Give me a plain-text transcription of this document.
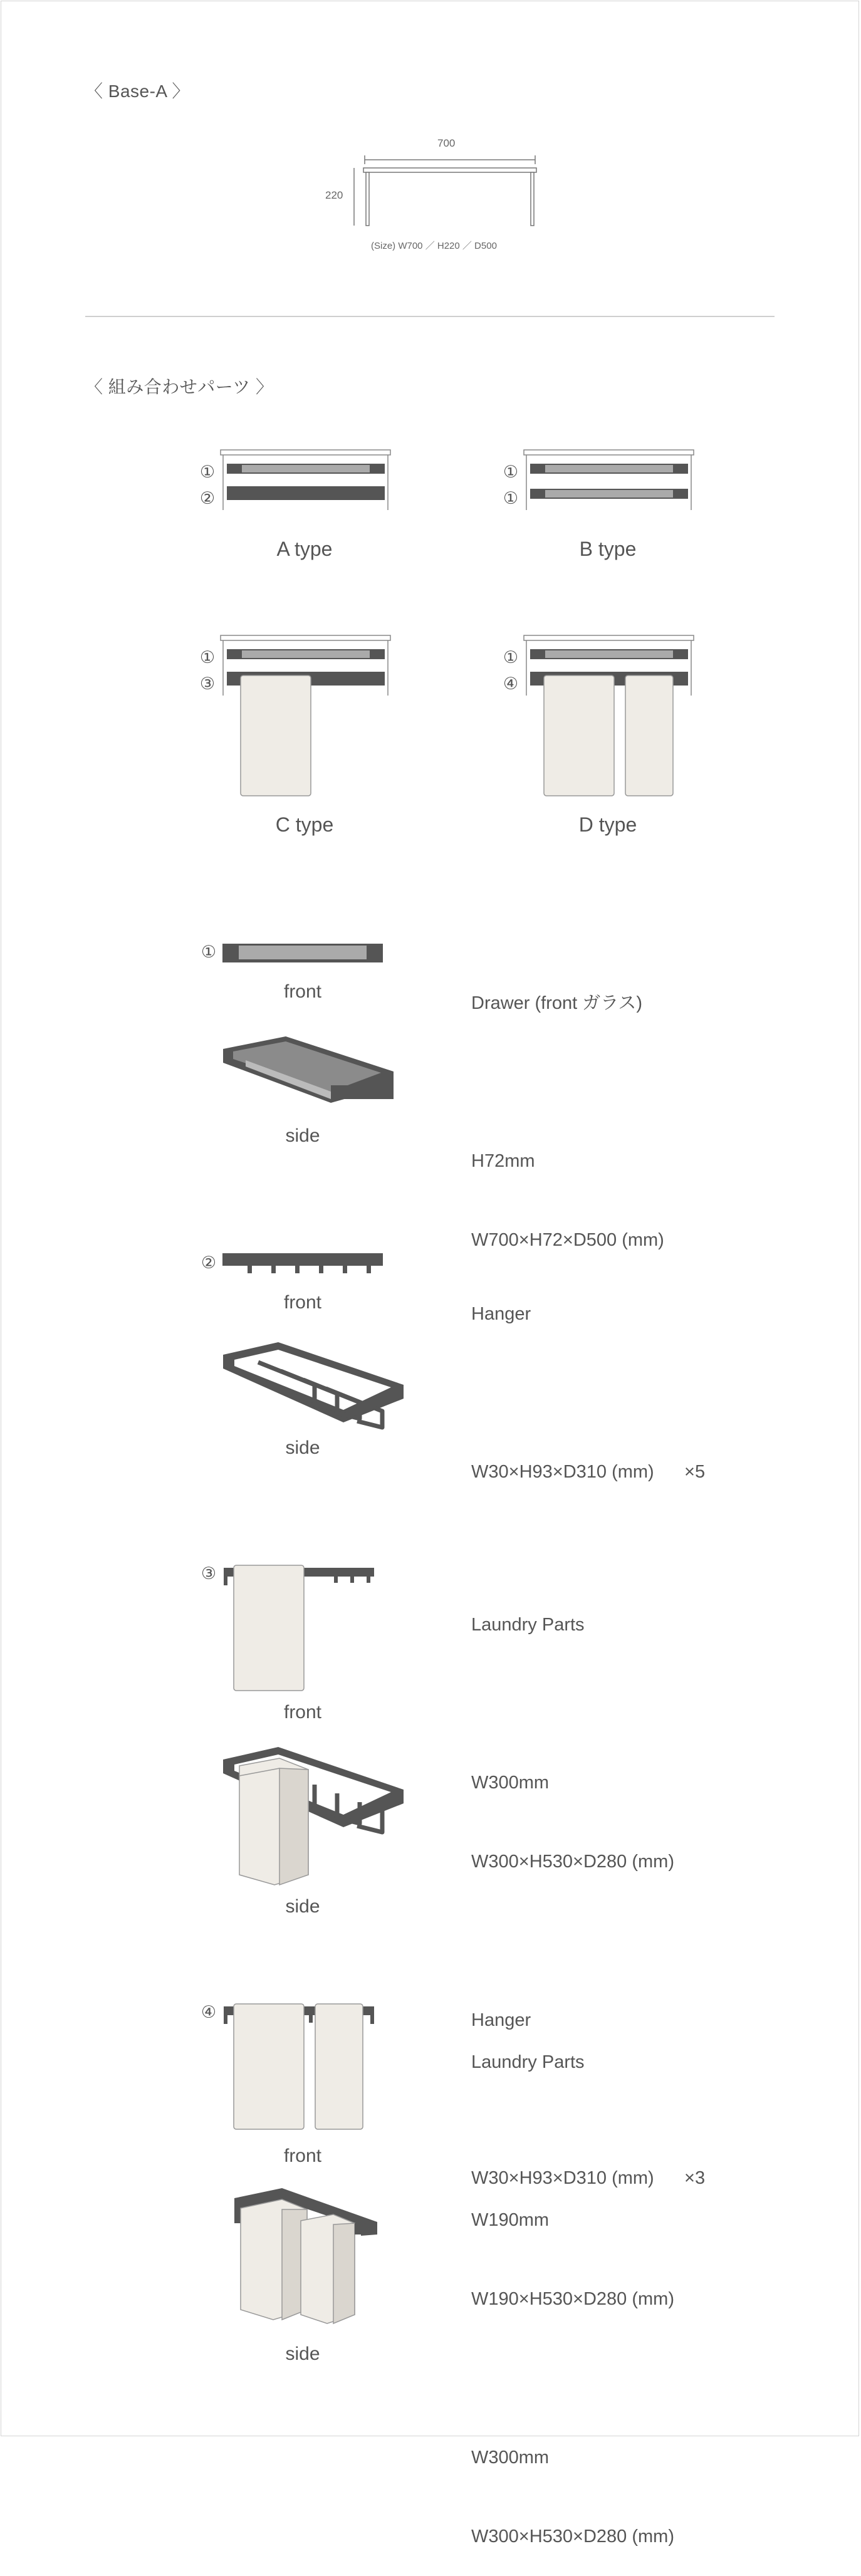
〈 Base-A 〉
700
220
(Size) W700 ／ H220 ／ D500
〈 組み合わせパーツ 〉
①
②
A type
①
①
B type
①
③
C type
①
④
D type
①
front
side

Drawer (front ガラス)

H72mm

W700×H72×D500 (mm)

②
front
side

Hanger

W30×H93×D310 (mm)      ×5

③
front
side

Laundry Parts

W300mm

W300×H530×D280 (mm)

Hanger

W30×H93×D310 (mm)      ×3

④
front
side

Laundry Parts

W190mm

W190×H530×D280 (mm)

W300mm

W300×H530×D280 (mm)
